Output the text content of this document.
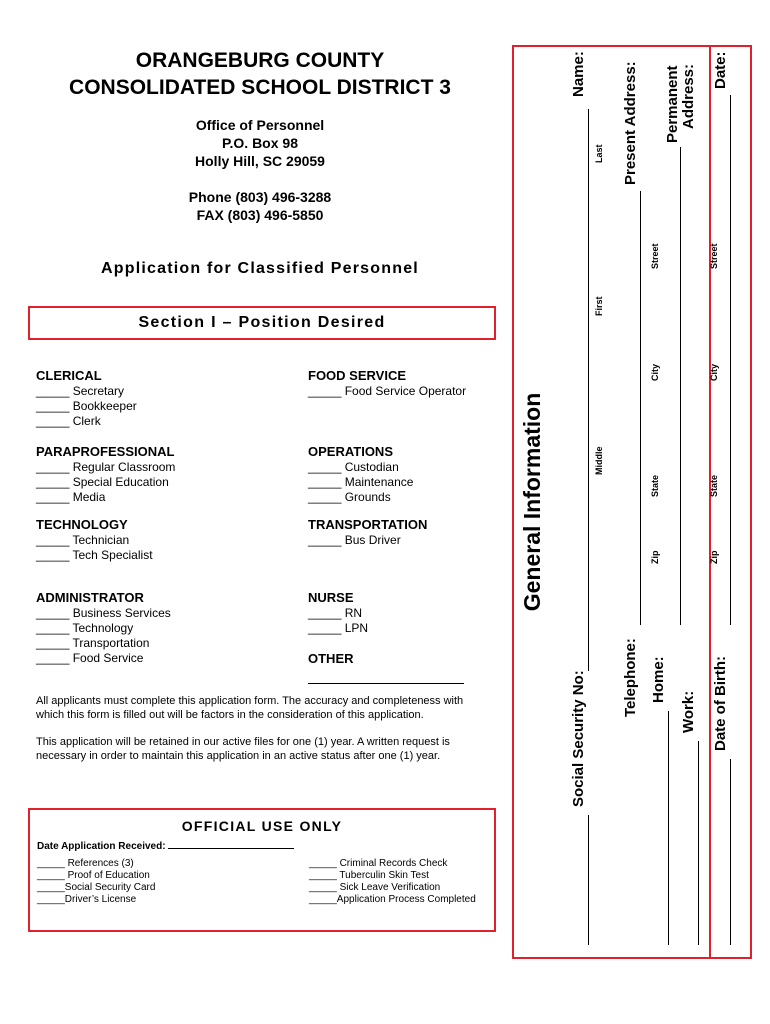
ORANGEBURG COUNTY
CONSOLIDATED SCHOOL DISTRICT 3
Office of Personnel
P.O. Box 98
Holly Hill, SC 29059
Phone (803) 496-3288
FAX (803) 496-5850
Application for Classified Personnel
Section I – Position Desired
CLERICAL
_____ Secretary
_____ Bookkeeper
_____ Clerk
PARAPROFESSIONAL
_____ Regular Classroom
_____ Special Education
_____ Media
TECHNOLOGY
_____ Technician
_____ Tech Specialist
ADMINISTRATOR
_____ Business Services
_____ Technology
_____ Transportation
_____ Food Service
FOOD SERVICE
_____ Food Service Operator
OPERATIONS
_____ Custodian
_____ Maintenance
_____ Grounds
TRANSPORTATION
_____ Bus Driver
NURSE
_____ RN
_____ LPN
OTHER
All applicants must complete this application form. The accuracy and completeness with which this form is filled out will be factors in the consideration of this application.
This application will be retained in our active files for one (1) year. A written request is necessary in order to maintain this application in an active status after one (1) year.
OFFICIAL USE ONLY
Date Application Received:
_____ References (3)
_____ Proof of Education
_____Social Security Card
_____Driver’s License
_____ Criminal Records Check
_____ Tuberculin Skin Test
_____ Sick Leave Verification
_____Application Process Completed
General Information
Name:
Social Security No:
Last
First
Middle
Present Address:
Telephone:
Street
City
State
Zip
Home:
Permanent Address:
Work:
Street
City
State
Zip
Date:
Date of Birth:
